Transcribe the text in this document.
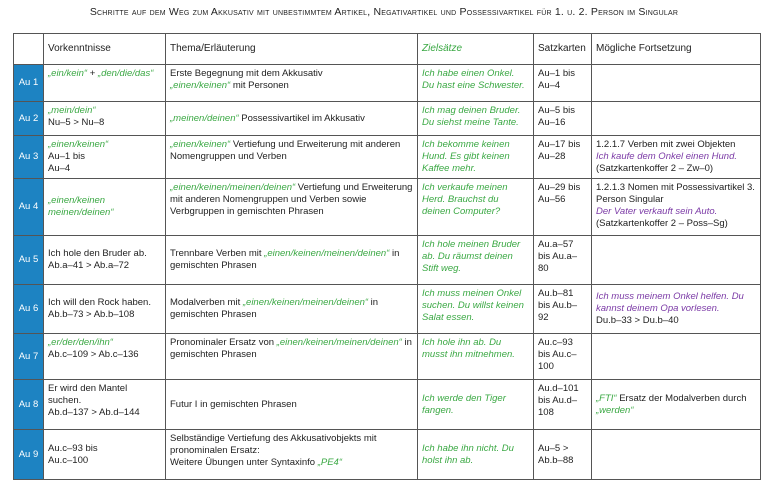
Schritte auf dem Weg zum Akkusativ mit unbestimmtem Artikel, Negativartikel und Possessivartikel für 1. u. 2. Person im Singular
	Vorkenntnisse	Thema/Erläuterung	Zielsätze	Satzkarten	Mögliche Fortsetzung
Au 1	„ein/kein“ + „den/die/das“	Erste Begegnung mit dem Akkusativ
„einen/keinen“ mit Personen	Ich habe einen Onkel. Du hast eine Schwester.	Au–1 bis Au–4	
Au 2	„mein/dein“
Nu–5 > Nu–8	„meinen/deinen“ Possessivartikel im Akkusativ	Ich mag deinen Bruder. Du siehst meine Tante.	Au–5 bis Au–16	
Au 3	„einen/keinen“
Au–1 bis
Au–4	„einen/keinen“ Vertiefung und Erweiterung mit anderen Nomengruppen und Verben	Ich bekomme keinen Hund. Es gibt keinen Kaffee mehr.	Au–17 bis Au–28	1.2.1.7 Verben mit zwei Objekten
Ich kaufe dem Onkel einen Hund.
(Satzkartenkoffer 2 – Zw–0)
Au 4	„einen/keinen
meinen/deinen“	„einen/keinen/meinen/deinen“ Vertiefung und Erweiterung mit anderen Nomengruppen und Verben sowie Verbgruppen in gemischten Phrasen	Ich verkaufe meinen Herd. Brauchst du deinen Computer?	Au–29 bis Au–56	1.2.1.3 Nomen mit Possessivartikel 3. Person Singular
Der Vater verkauft sein Auto.
(Satzkartenkoffer 2 – Poss–Sg)
Au 5	Ich hole den Bruder ab.
Ab.a–41 > Ab.a–72	Trennbare Verben mit „einen/keinen/meinen/deinen“ in gemischten Phrasen	Ich hole meinen Bruder ab. Du räumst deinen Stift weg.	Au.a–57 bis Au.a–80	
Au 6	Ich will den Rock haben.
Ab.b–73 > Ab.b–108	Modalverben mit „einen/keinen/meinen/deinen“ in gemischten Phrasen	Ich muss meinen Onkel suchen. Du willst keinen Salat essen.	Au.b–81 bis Au.b–92	Ich muss meinem Onkel helfen. Du kannst deinem Opa vorlesen.
Du.b–33 > Du.b–40
Au 7	„er/der/den/ihn“
Ab.c–109 > Ab.c–136	Pronominaler Ersatz von „einen/keinen/meinen/deinen“ in gemischten Phrasen	Ich hole ihn ab. Du musst ihn mitnehmen.	Au.c–93 bis Au.c–100	
Au 8	Er wird den Mantel suchen.
Ab.d–137 > Ab.d–144	Futur I in gemischten Phrasen	Ich werde den Tiger fangen.	Au.d–101 bis Au.d–108	„FTI“ Ersatz der Modalverben durch „werden“
Au 9	Au.c–93 bis
Au.c–100	Selbständige Vertiefung des Akkusativobjekts mit pronominalen Ersatz:
Weitere Übungen unter Syntaxinfo „PE4“	Ich habe ihn nicht. Du holst ihn ab.	Au–5 > Ab.b–88	
